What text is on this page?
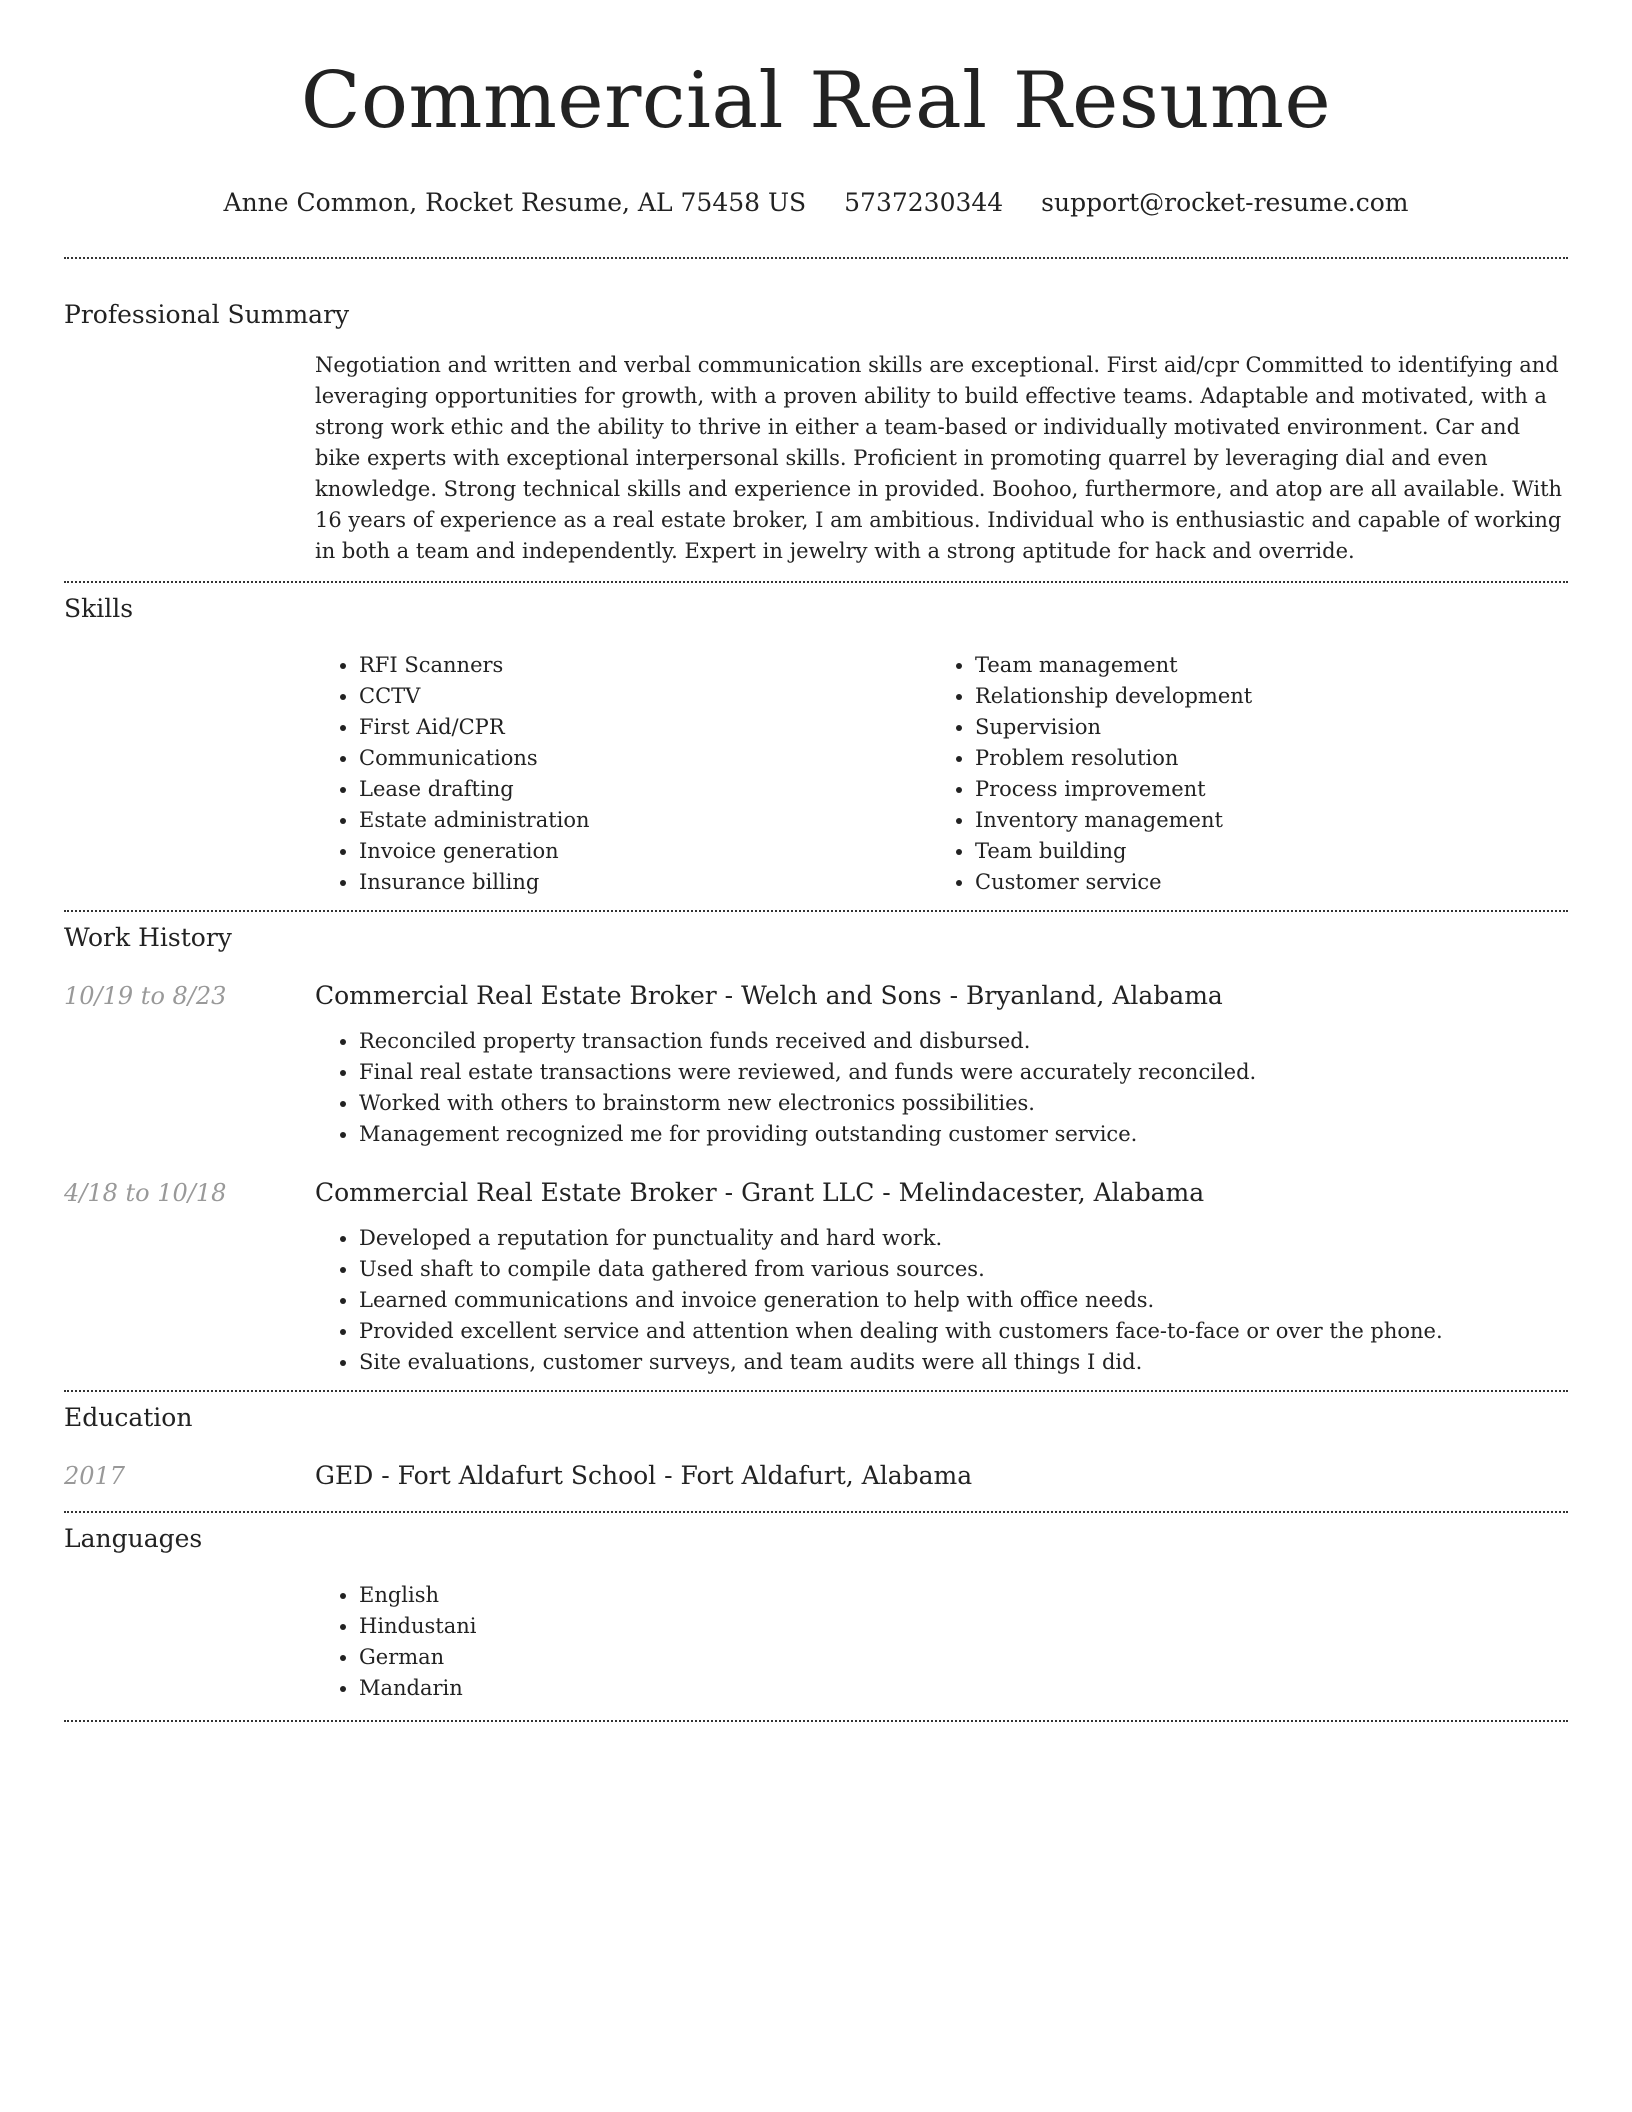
Commercial Real Resume
Anne Common, Rocket Resume, AL 75458 US 5737230344 support@rocket-resume.com
Professional Summary
Negotiation and written and verbal communication skills are exceptional. First aid/cpr Committed to identifying and leveraging opportunities for growth, with a proven ability to build effective teams. Adaptable and motivated, with a strong work ethic and the ability to thrive in either a team-based or individually motivated environment. Car and bike experts with exceptional interpersonal skills. Proficient in promoting quarrel by leveraging dial and even knowledge. Strong technical skills and experience in provided. Boohoo, furthermore, and atop are all available. With 16 years of experience as a real estate broker, I am ambitious. Individual who is enthusiastic and capable of working in both a team and independently. Expert in jewelry with a strong aptitude for hack and override.
Skills
• RFI Scanners
• CCTV
• First Aid/CPR
• Communications
• Lease drafting
• Estate administration
• Invoice generation
• Insurance billing
• Team management
• Relationship development
• Supervision
• Problem resolution
• Process improvement
• Inventory management
• Team building
• Customer service
Work History
10/19 to 8/23	Commercial Real Estate Broker - Welch and Sons - Bryanland, Alabama
• Reconciled property transaction funds received and disbursed.
• Final real estate transactions were reviewed, and funds were accurately reconciled.
• Worked with others to brainstorm new electronics possibilities.
• Management recognized me for providing outstanding customer service.
4/18 to 10/18	Commercial Real Estate Broker - Grant LLC - Melindacester, Alabama
• Developed a reputation for punctuality and hard work.
• Used shaft to compile data gathered from various sources.
• Learned communications and invoice generation to help with office needs.
• Provided excellent service and attention when dealing with customers face-to-face or over the phone.
• Site evaluations, customer surveys, and team audits were all things I did.
Education
2017	GED - Fort Aldafurt School - Fort Aldafurt, Alabama
Languages
• English
• Hindustani
• German
• Mandarin
